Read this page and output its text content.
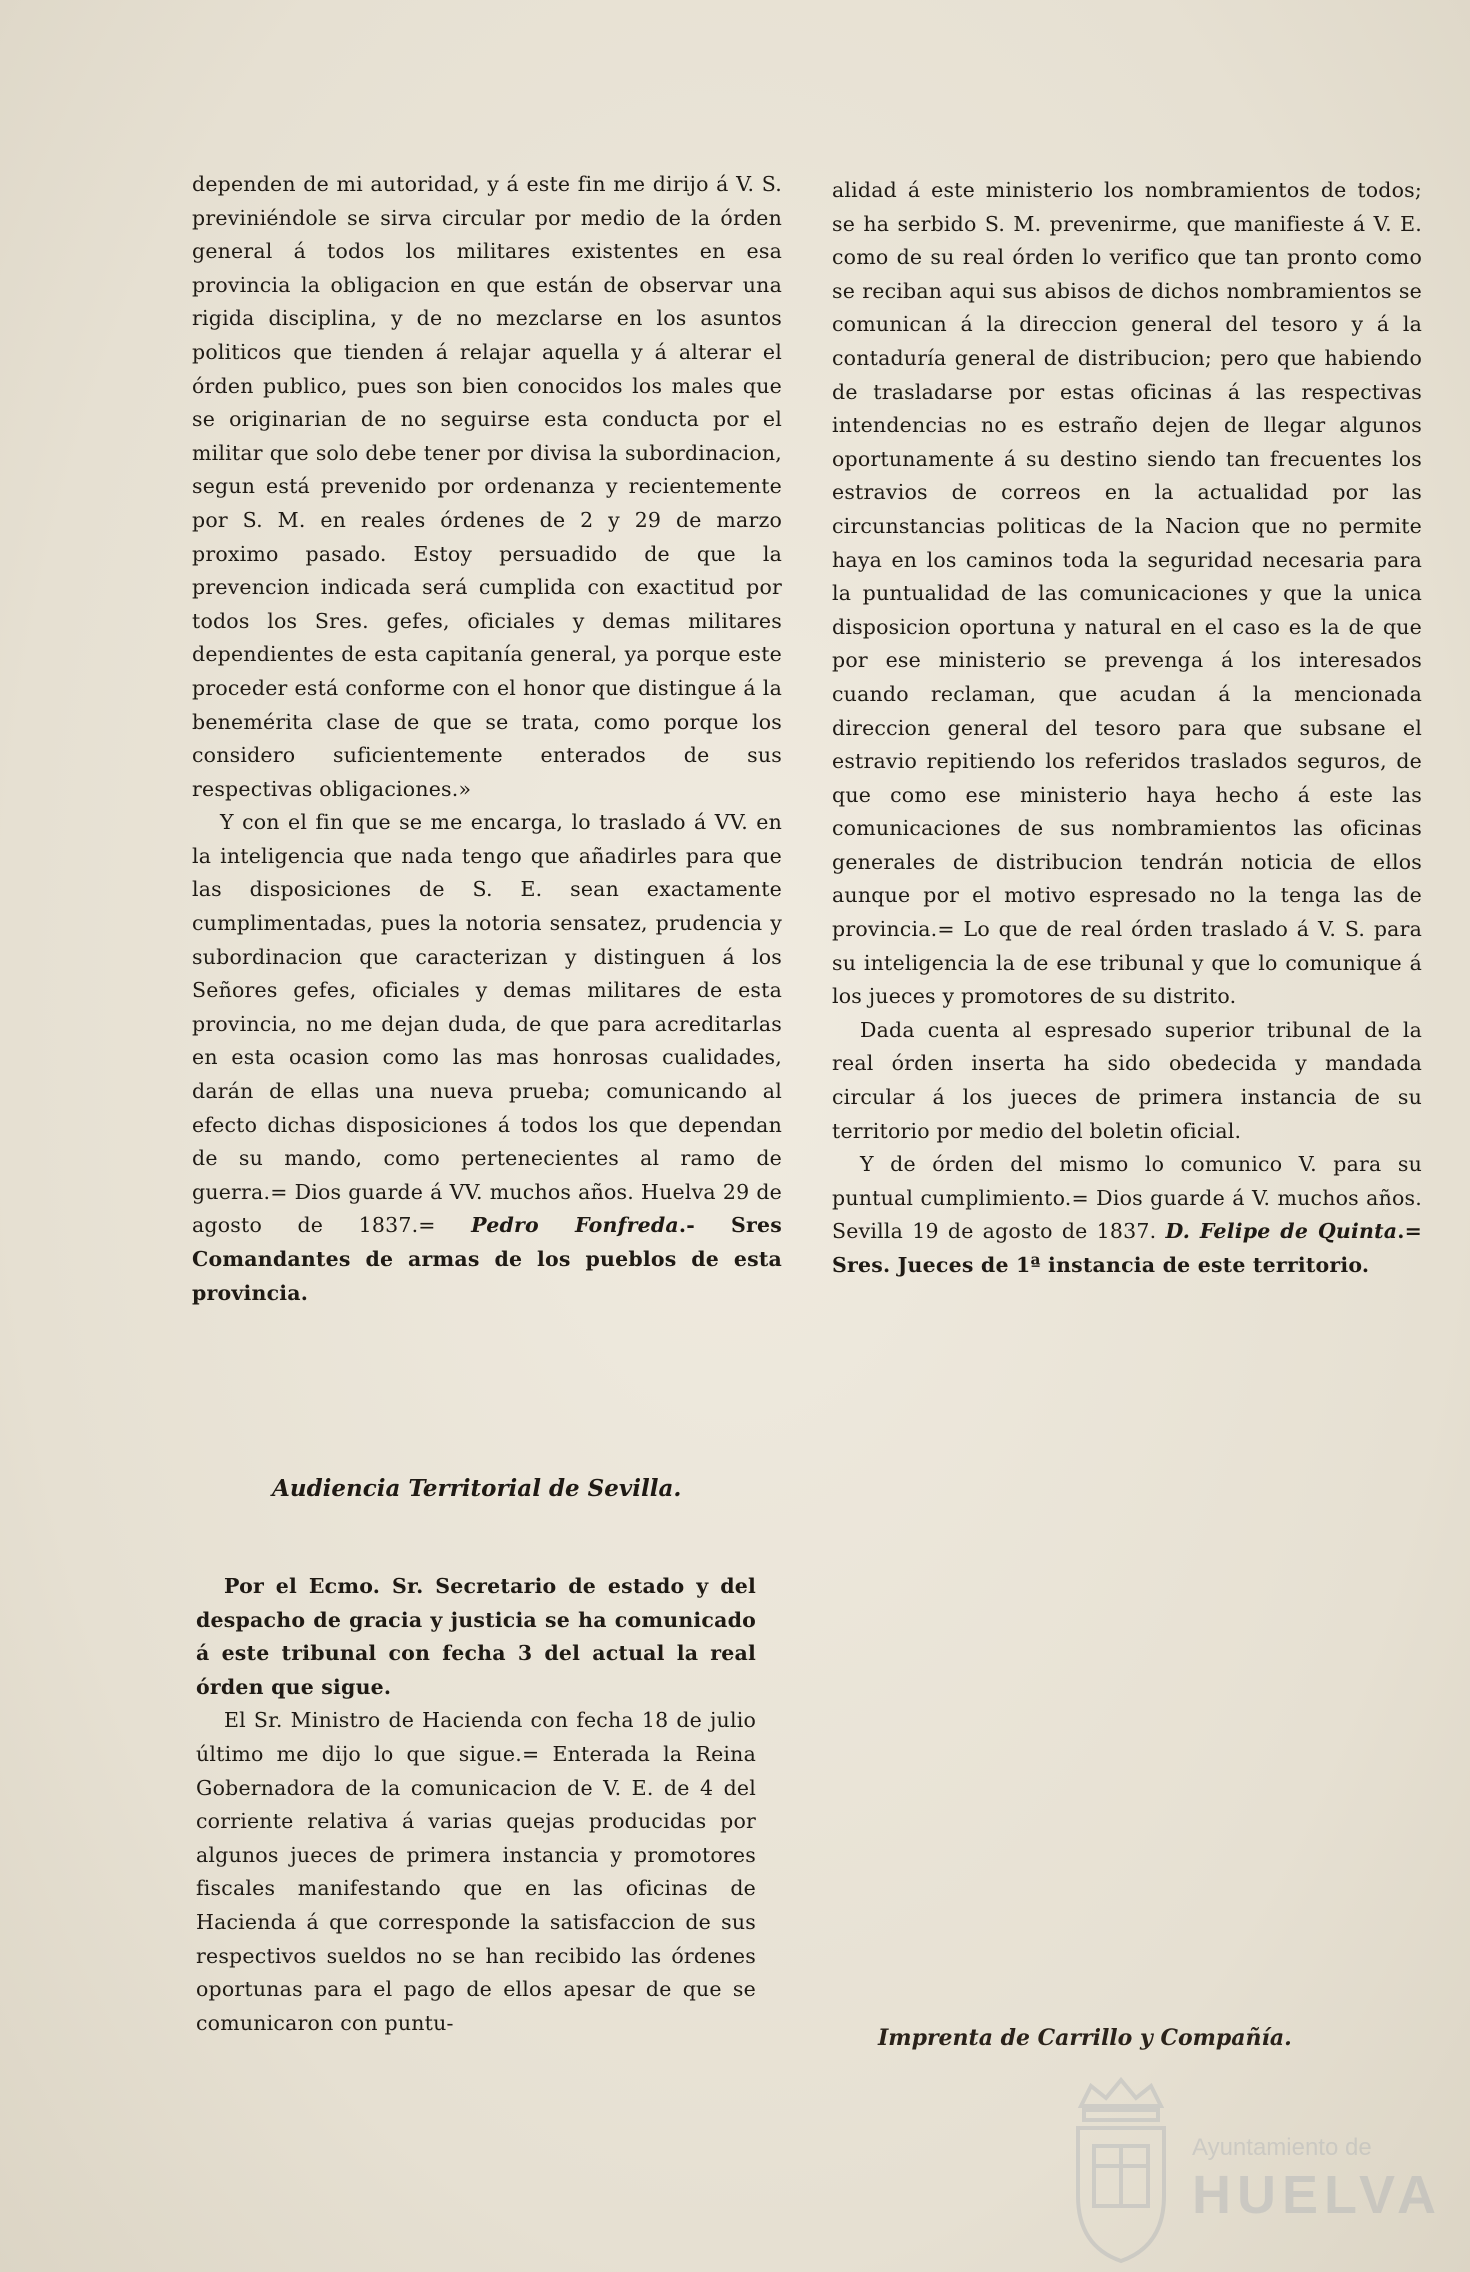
dependen de mi autoridad, y á este fin me dirijo á V. S. previniéndole se sirva circular por medio de la órden general á todos los militares existentes en esa provincia la obligacion en que están de observar una rigida disciplina, y de no mezclarse en los asuntos politicos que tienden á relajar aquella y á alterar el órden publico, pues son bien conocidos los males que se originarian de no seguirse esta conducta por el militar que solo debe tener por divisa la subordinacion, segun está prevenido por ordenanza y recientemente por S. M. en reales órdenes de 2 y 29 de marzo proximo pasado. Estoy persuadido de que la prevencion indicada será cumplida con exactitud por todos los Sres. gefes, oficiales y demas militares dependientes de esta capitanía general, ya porque este proceder está conforme con el honor que distingue á la benemérita clase de que se trata, como porque los considero suficientemente enterados de sus respectivas obligaciones.»

Y con el fin que se me encarga, lo traslado á VV. en la inteligencia que nada tengo que añadirles para que las disposiciones de S. E. sean exactamente cumplimentadas, pues la notoria sensatez, prudencia y subordinacion que caracterizan y distinguen á los Señores gefes, oficiales y demas militares de esta provincia, no me dejan duda, de que para acreditarlas en esta ocasion como las mas honrosas cualidades, darán de ellas una nueva prueba; comunicando al efecto dichas disposiciones á todos los que dependan de su mando, como pertenecientes al ramo de guerra.= Dios guarde á VV. muchos años. Huelva 29 de agosto de 1837.= Pedro Fonfreda.- Sres Comandantes de armas de los pueblos de esta provincia.

Audiencia Territorial de Sevilla.

Por el Ecmo. Sr. Secretario de estado y del despacho de gracia y justicia se ha comunicado á este tribunal con fecha 3 del actual la real órden que sigue.

El Sr. Ministro de Hacienda con fecha 18 de julio último me dijo lo que sigue.= Enterada la Reina Gobernadora de la comunicacion de V. E. de 4 del corriente relativa á varias quejas producidas por algunos jueces de primera instancia y promotores fiscales manifestando que en las oficinas de Hacienda á que corresponde la satisfaccion de sus respectivos sueldos no se han recibido las órdenes oportunas para el pago de ellos apesar de que se comunicaron con puntu-

alidad á este ministerio los nombramientos de todos; se ha serbido S. M. prevenirme, que manifieste á V. E. como de su real órden lo verifico que tan pronto como se reciban aqui sus abisos de dichos nombramientos se comunican á la direccion general del tesoro y á la contaduría general de distribucion; pero que habiendo de trasladarse por estas oficinas á las respectivas intendencias no es estraño dejen de llegar algunos oportunamente á su destino siendo tan frecuentes los estravios de correos en la actualidad por las circunstancias politicas de la Nacion que no permite haya en los caminos toda la seguridad necesaria para la puntualidad de las comunicaciones y que la unica disposicion oportuna y natural en el caso es la de que por ese ministerio se prevenga á los interesados cuando reclaman, que acudan á la mencionada direccion general del tesoro para que subsane el estravio repitiendo los referidos traslados seguros, de que como ese ministerio haya hecho á este las comunicaciones de sus nombramientos las oficinas generales de distribucion tendrán noticia de ellos aunque por el motivo espresado no la tenga las de provincia.= Lo que de real órden traslado á V. S. para su inteligencia la de ese tribunal y que lo comunique á los jueces y promotores de su distrito.

Dada cuenta al espresado superior tribunal de la real órden inserta ha sido obedecida y mandada circular á los jueces de primera instancia de su territorio por medio del boletin oficial.

Y de órden del mismo lo comunico V. para su puntual cumplimiento.= Dios guarde á V. muchos años. Sevilla 19 de agosto de 1837. D. Felipe de Quinta.= Sres. Jueces de 1ª instancia de este territorio.

Imprenta de Carrillo y Compañía.
Ayuntamiento de
HUELVA
